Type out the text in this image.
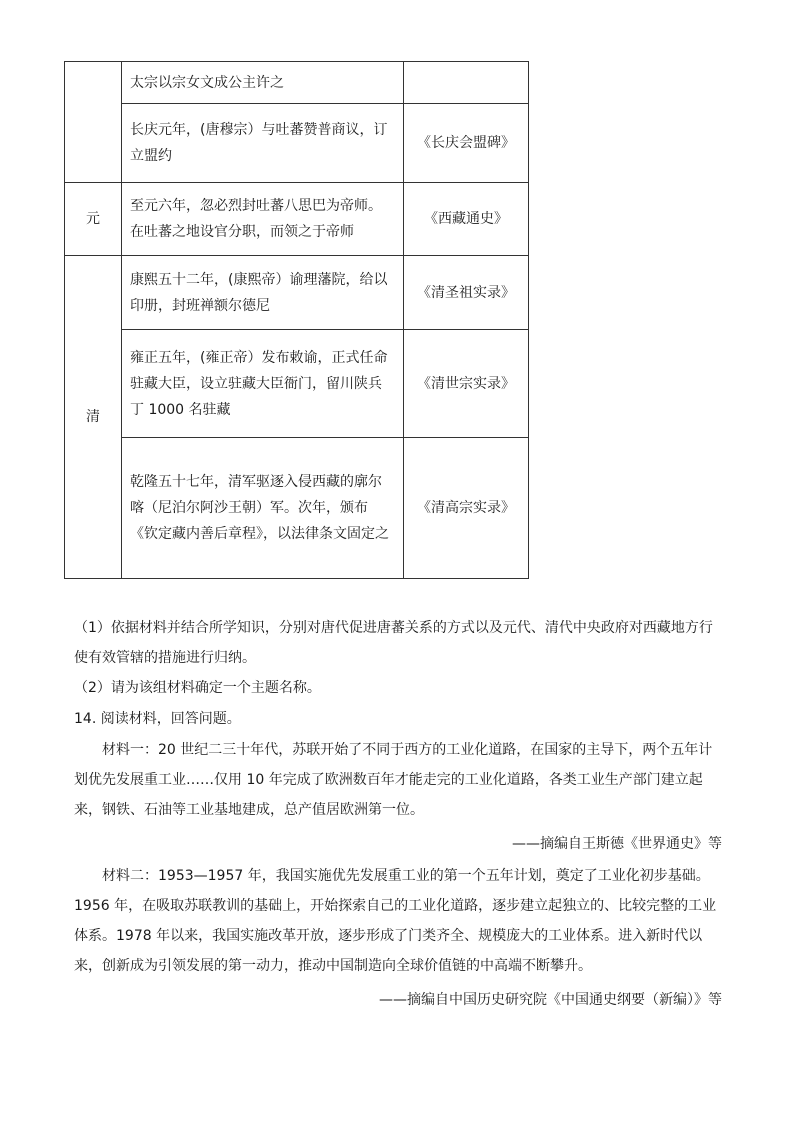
	太宗以宗女文成公主许之	
	长庆元年，(唐穆宗）与吐蕃赞普商议，订立盟约	《长庆会盟碑》
元	至元六年，忽必烈封吐蕃八思巴为帝师。在吐蕃之地设官分职，而领之于帝师	《西藏通史》
清	康熙五十二年，(康熙帝）谕理藩院，给以印册，封班禅额尔德尼	《清圣祖实录》
	雍正五年，(雍正帝）发布敕谕，正式任命驻藏大臣，设立驻藏大臣衙门，留川陕兵丁 1000 名驻藏	《清世宗实录》
	乾隆五十七年，清军驱逐入侵西藏的廓尔喀（尼泊尔阿沙王朝）军。次年，颁布《钦定藏内善后章程》，以法律条文固定之	《清高宗实录》
（1）依据材料并结合所学知识，分别对唐代促进唐蕃关系的方式以及元代、清代中央政府对西藏地方行使有效管辖的措施进行归纳。
（2）请为该组材料确定一个主题名称。
14. 阅读材料，回答问题。
材料一：20 世纪二三十年代，苏联开始了不同于西方的工业化道路，在国家的主导下，两个五年计划优先发展重工业……仅用 10 年完成了欧洲数百年才能走完的工业化道路，各类工业生产部门建立起来，钢铁、石油等工业基地建成，总产值居欧洲第一位。
——摘编自王斯德《世界通史》等
材料二：1953—1957 年，我国实施优先发展重工业的第一个五年计划，奠定了工业化初步基础。1956 年，在吸取苏联教训的基础上，开始探索自己的工业化道路，逐步建立起独立的、比较完整的工业体系。1978 年以来，我国实施改革开放，逐步形成了门类齐全、规模庞大的工业体系。进入新时代以来，创新成为引领发展的第一动力，推动中国制造向全球价值链的中高端不断攀升。
——摘编自中国历史研究院《中国通史纲要（新编）》等
